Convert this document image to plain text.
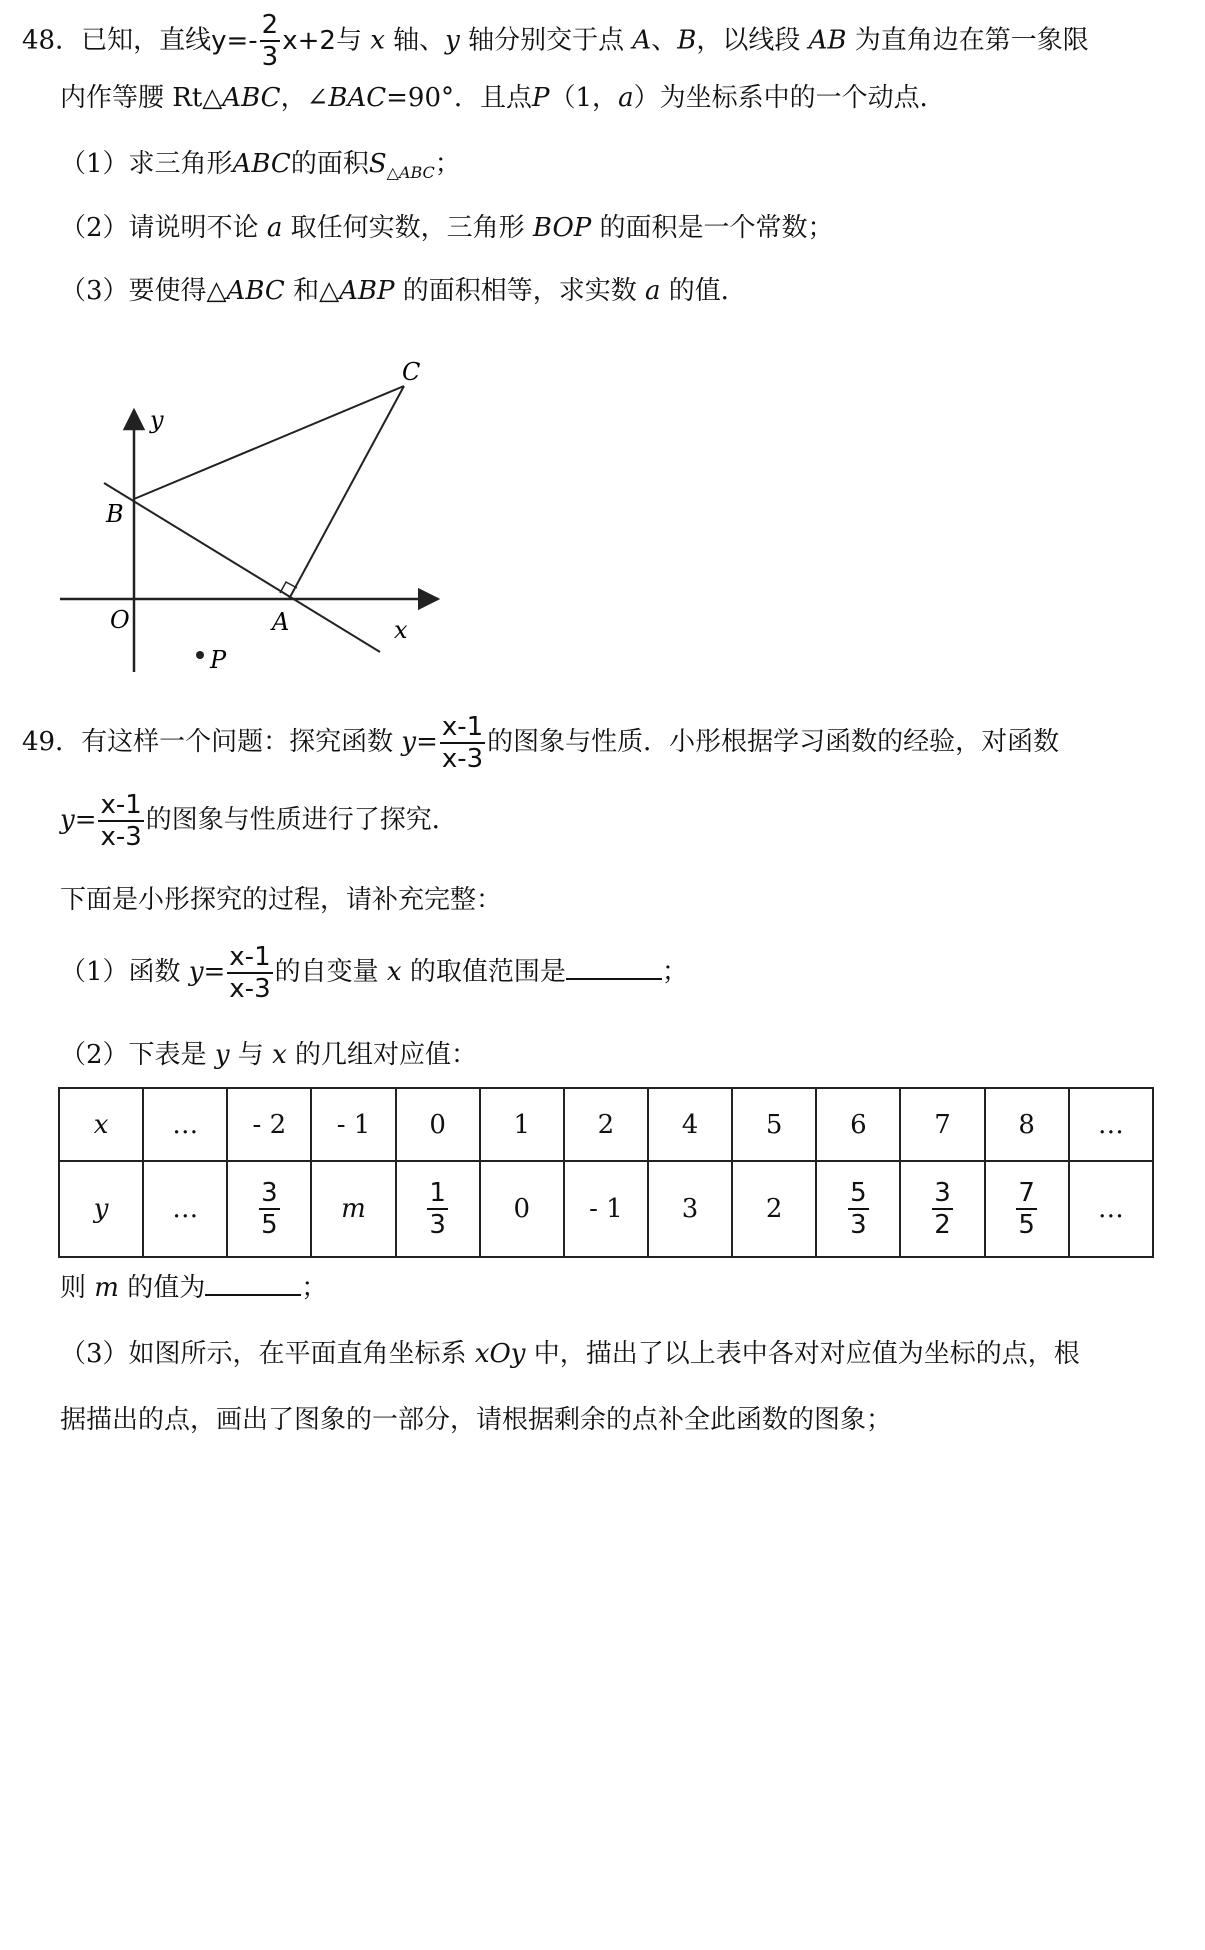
48．已知，直线$y=- \frac{2}{3} x+2$与 x 轴、y 轴分别交于点 A、B，以线段 AB 为直角边在第一象限
内作等腰 Rt△ABC，∠BAC=90°．且点P（1，a）为坐标系中的一个动点．
（1）求三角形ABC的面积$S_{\triangle ABC}$；
（2）请说明不论 a 取任何实数，三角形 BOP 的面积是一个常数；
（3）要使得△ABC 和△ABP 的面积相等，求实数 a 的值．
y
x
B
O	A
C
P
49．有这样一个问题：探究函数 $y= \frac{x-1}{x-3}$ 的图象与性质．小彤根据学习函数的经验，对函数
$y= \frac{x-1}{x-3}$ 的图象与性质进行了探究．
下面是小彤探究的过程，请补充完整：
（1）函数 $y= \frac{x-1}{x-3}$ 的自变量 x 的取值范围是	；
（2）下表是 y 与 x 的几组对应值：
x	…	- 2	- 1	0	1	2	4	5	6	7	8	…
y	…	$\frac{3}{5}$	m	$\frac{1}{3}$	0	- 1	3	2	$\frac{5}{3}$	$\frac{3}{2}$	$\frac{7}{5}$	…
则 m 的值为	；
（3）如图所示，在平面直角坐标系 xOy 中，描出了以上表中各对对应值为坐标的点，根
据描出的点，画出了图象的一部分，请根据剩余的点补全此函数的图象；
